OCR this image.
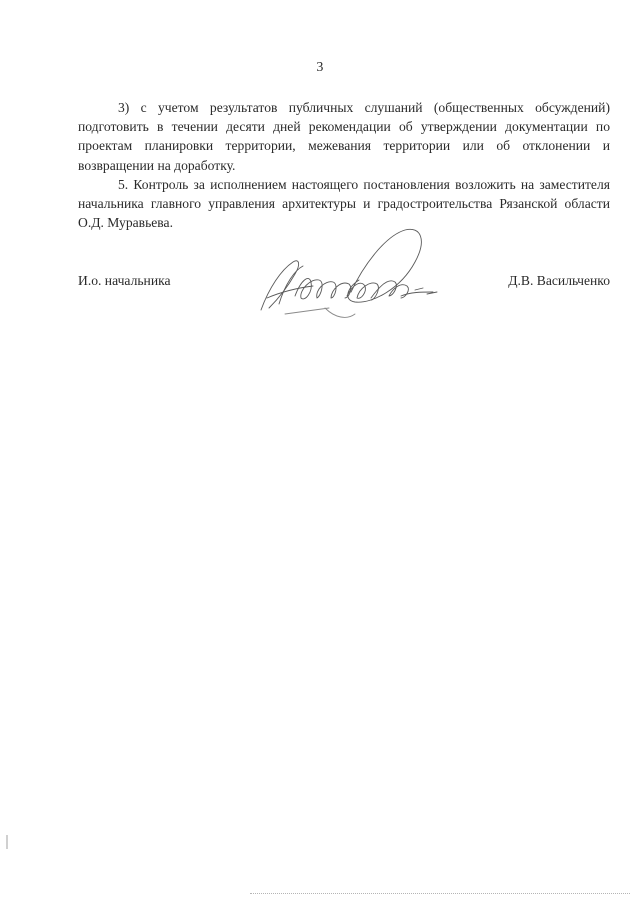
3

3) с учетом результатов публичных слушаний (общественных обсуждений) подготовить в течении десяти дней рекомендации об утверждении документации по проектам планировки территории, межевания территории или об отклонении и возвращении на доработку.

5. Контроль за исполнением настоящего постановления возложить на заместителя начальника главного управления архитектуры и градостроительства Рязанской области О.Д. Муравьева.

И.о. начальника	Д.В. Васильченко
